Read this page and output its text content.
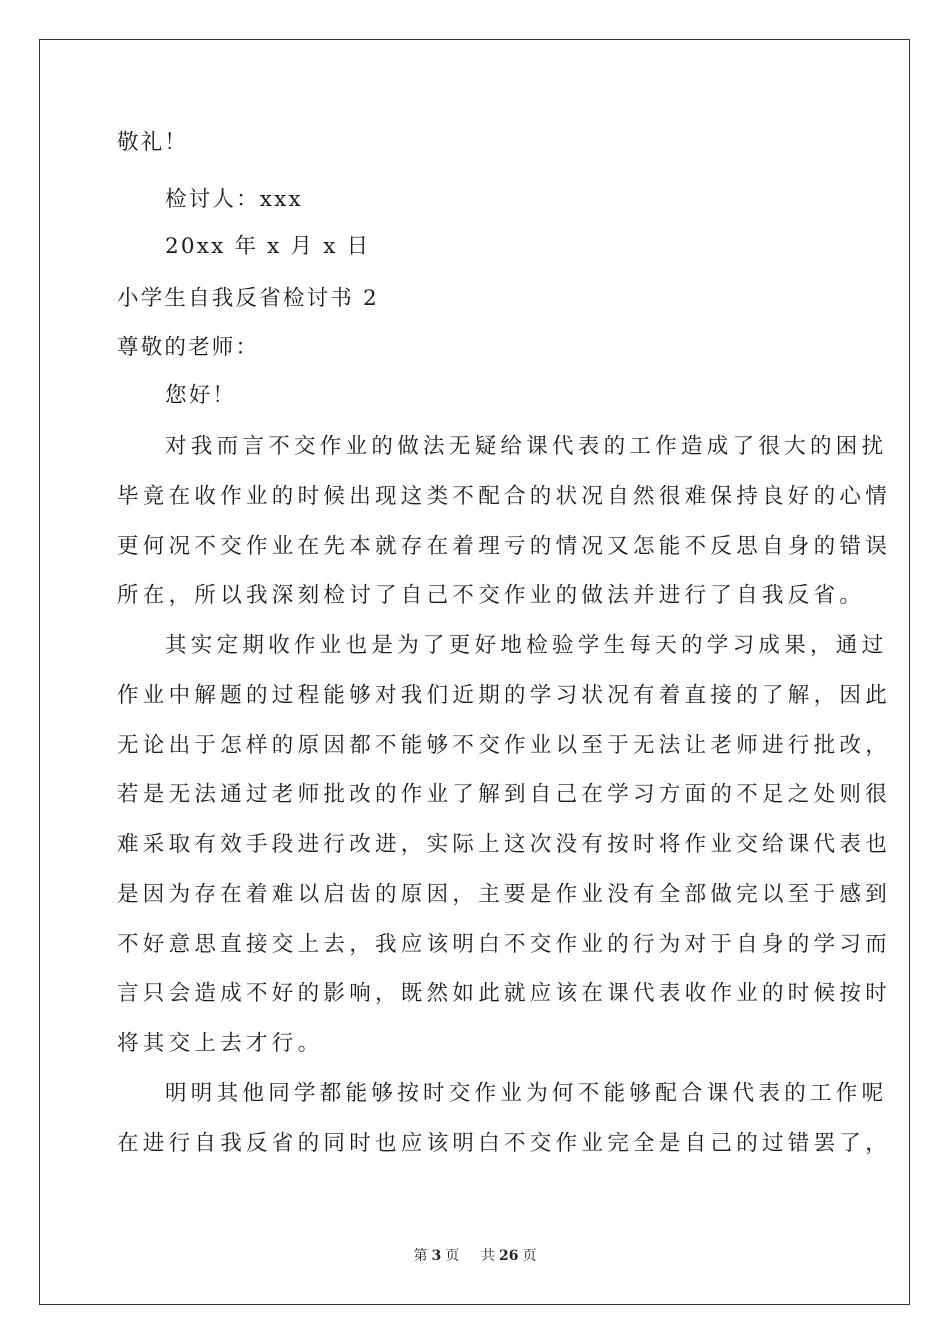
敬礼！
检讨人：xxx
20xx 年 x 月 x 日
小学生自我反省检讨书 2
尊敬的老师：
您好！
对我而言不交作业的做法无疑给课代表的工作造成了很大的困扰
毕竟在收作业的时候出现这类不配合的状况自然很难保持良好的心情
更何况不交作业在先本就存在着理亏的情况又怎能不反思自身的错误
所在，所以我深刻检讨了自己不交作业的做法并进行了自我反省。
其实定期收作业也是为了更好地检验学生每天的学习成果，通过
作业中解题的过程能够对我们近期的学习状况有着直接的了解，因此
无论出于怎样的原因都不能够不交作业以至于无法让老师进行批改，
若是无法通过老师批改的作业了解到自己在学习方面的不足之处则很
难采取有效手段进行改进，实际上这次没有按时将作业交给课代表也
是因为存在着难以启齿的原因，主要是作业没有全部做完以至于感到
不好意思直接交上去，我应该明白不交作业的行为对于自身的学习而
言只会造成不好的影响，既然如此就应该在课代表收作业的时候按时
将其交上去才行。
明明其他同学都能够按时交作业为何不能够配合课代表的工作呢
在进行自我反省的同时也应该明白不交作业完全是自己的过错罢了，
第 3 页 共 26 页
